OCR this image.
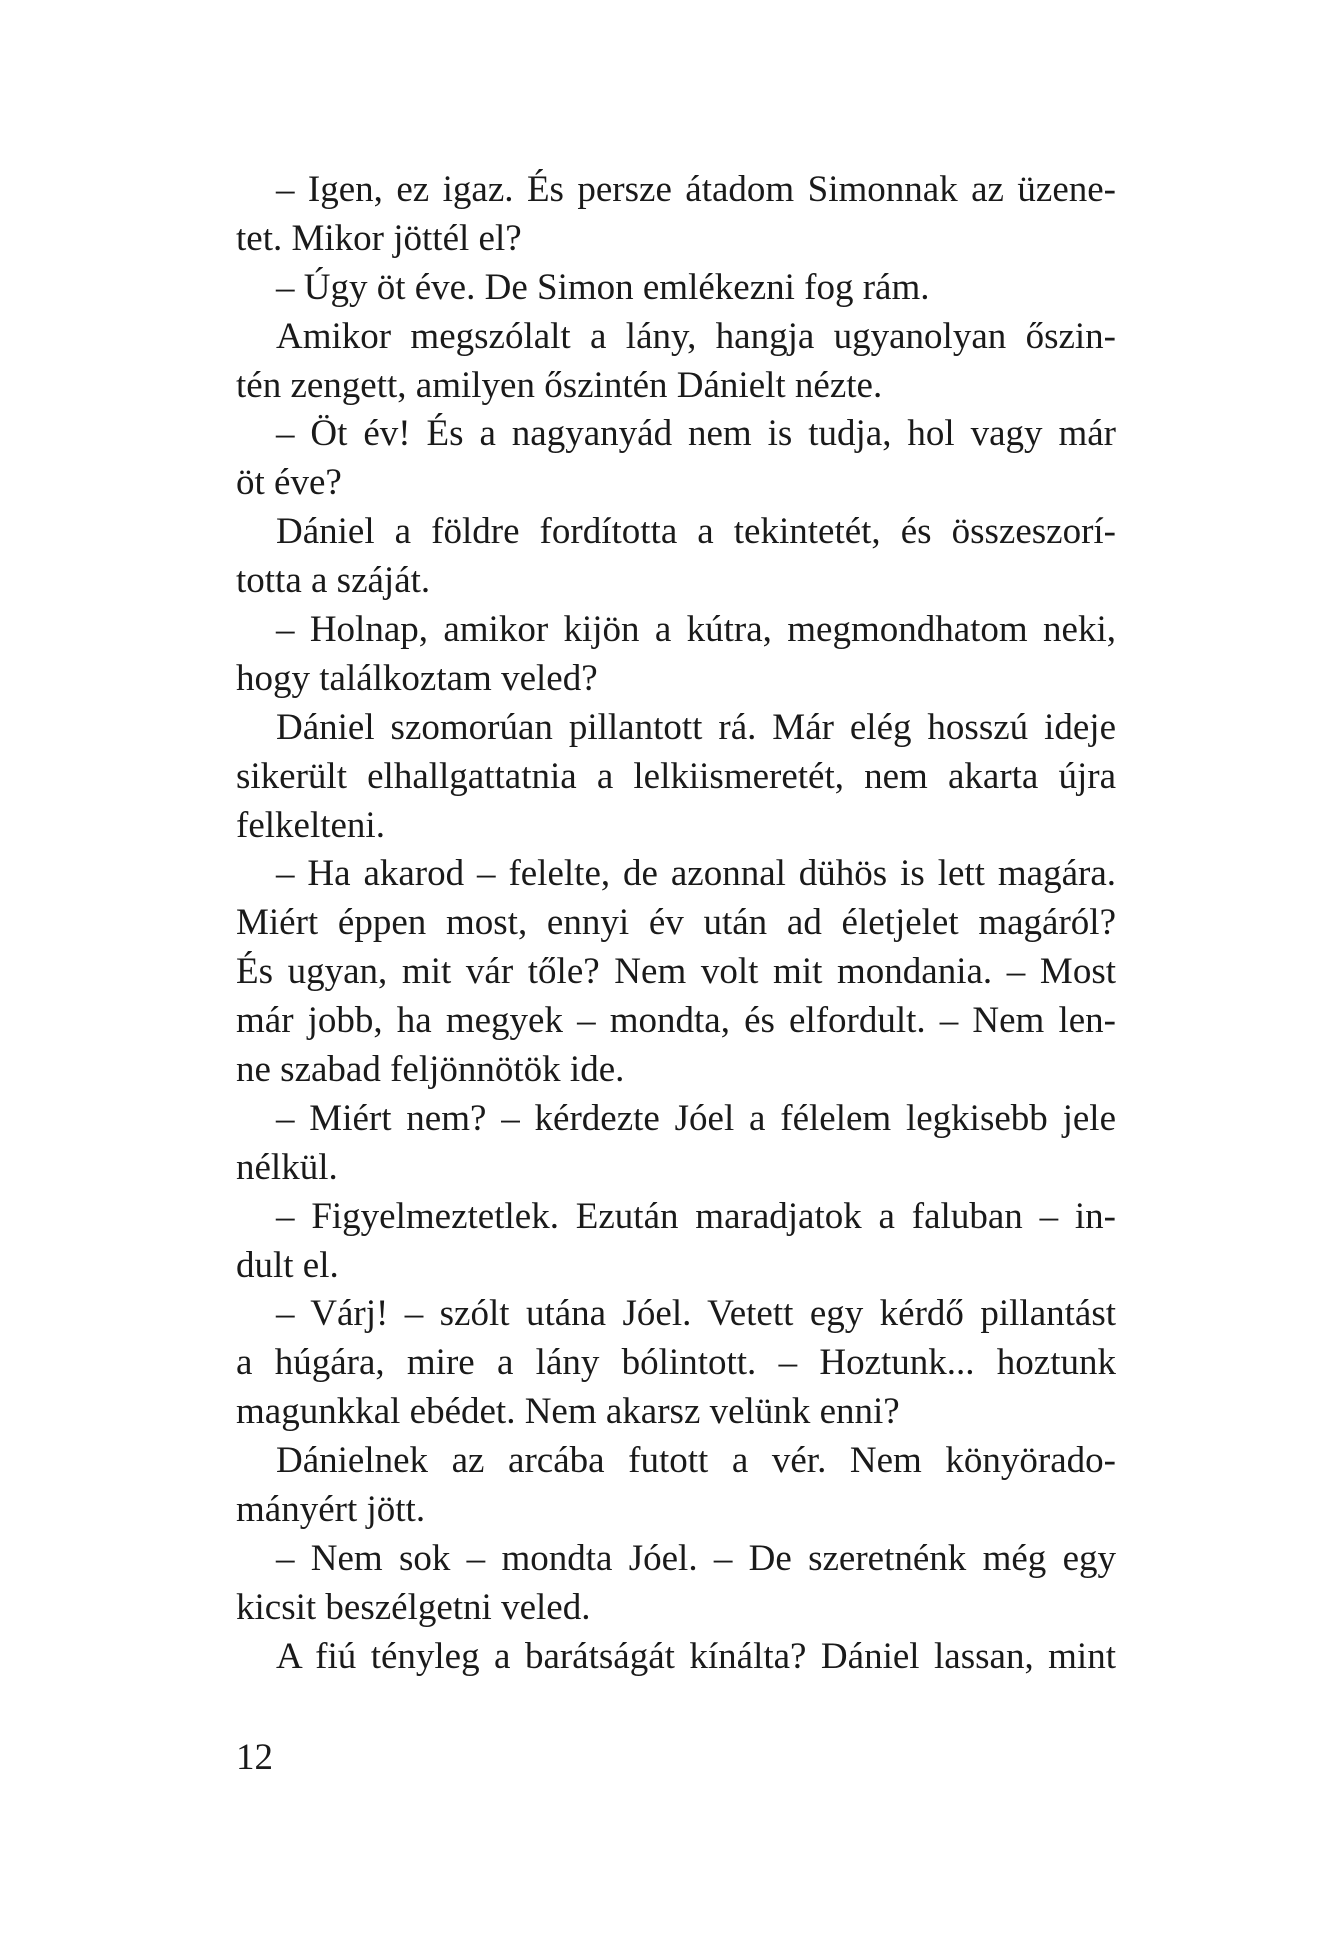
– Igen, ez igaz. És persze átadom Simonnak az üzene-
tet. Mikor jöttél el?
– Úgy öt éve. De Simon emlékezni fog rám.
Amikor megszólalt a lány, hangja ugyanolyan őszin-
tén zengett, amilyen őszintén Dánielt nézte.
– Öt év! És a nagyanyád nem is tudja, hol vagy már
öt éve?
Dániel a földre fordította a tekintetét, és összeszorí-
totta a száját.
– Holnap, amikor kijön a kútra, megmondhatom neki,
hogy találkoztam veled?
Dániel szomorúan pillantott rá. Már elég hosszú ideje
sikerült elhallgattatnia a lelkiismeretét, nem akarta újra
felkelteni.
– Ha akarod – felelte, de azonnal dühös is lett magára.
Miért éppen most, ennyi év után ad életjelet magáról?
És ugyan, mit vár tőle? Nem volt mit mondania. – Most
már jobb, ha megyek – mondta, és elfordult. – Nem len-
ne szabad feljönnötök ide.
– Miért nem? – kérdezte Jóel a félelem legkisebb jele
nélkül.
– Figyelmeztetlek. Ezután maradjatok a faluban – in-
dult el.
– Várj! – szólt utána Jóel. Vetett egy kérdő pillantást
a húgára, mire a lány bólintott. – Hoztunk... hoztunk
magunkkal ebédet. Nem akarsz velünk enni?
Dánielnek az arcába futott a vér. Nem könyörado-
mányért jött.
– Nem sok – mondta Jóel. – De szeretnénk még egy
kicsit beszélgetni veled.
A fiú tényleg a barátságát kínálta? Dániel lassan, mint
12
